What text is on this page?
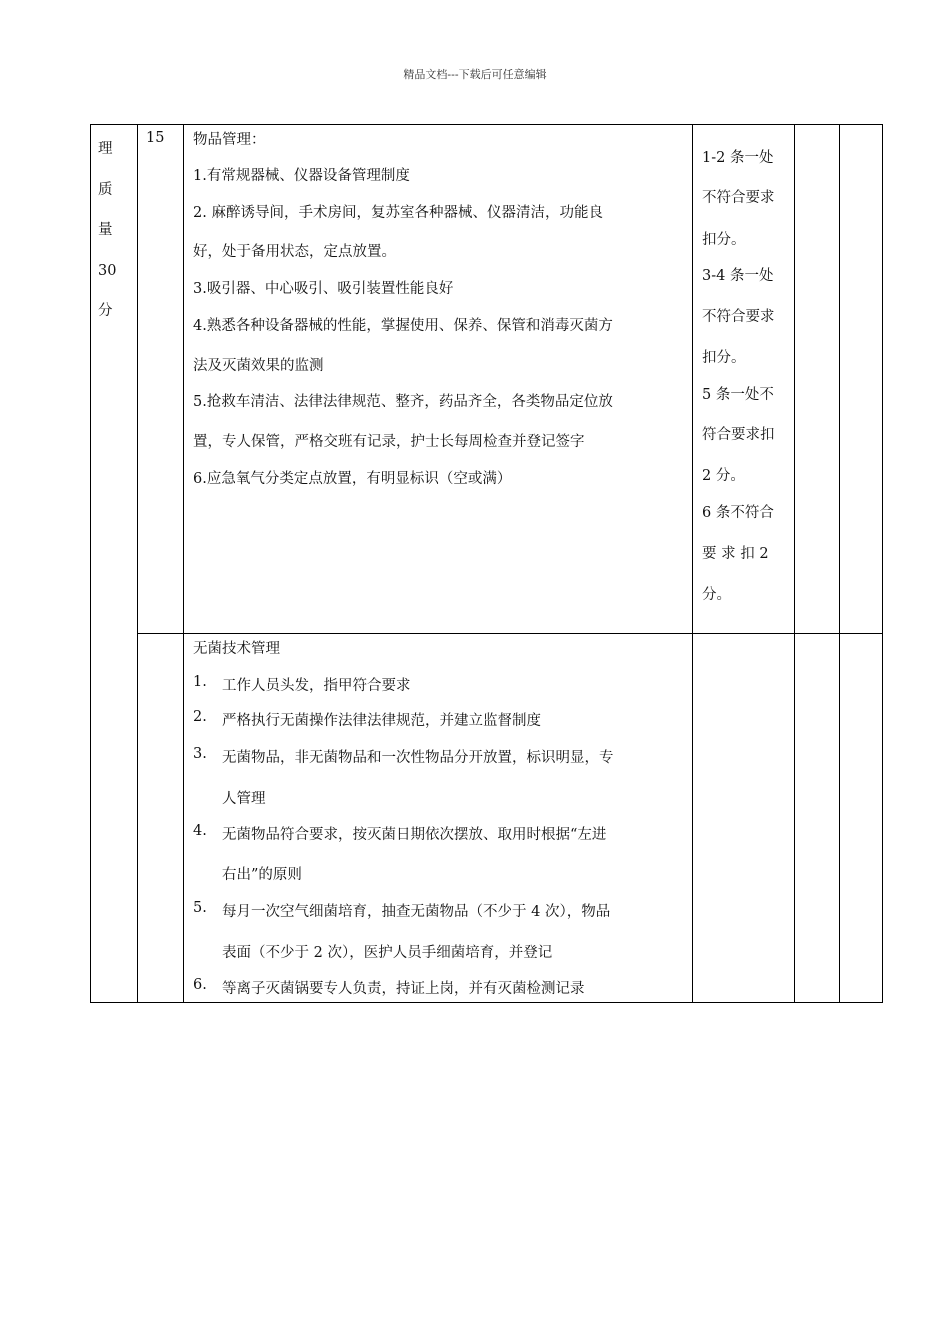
精品文档---下载后可任意编辑
理
质
量
30
分
15 物品管理：
1.有常规器械、仪器设备管理制度
2. 麻醉诱导间，手术房间，复苏室各种器械、仪器清洁，功能良
好，处于备用状态，定点放置。
3.吸引器、中心吸引、吸引装置性能良好
4.熟悉各种设备器械的性能，掌握使用、保养、保管和消毒灭菌方
法及灭菌效果的监测
5.抢救车清洁、法律法律规范、整齐，药品齐全，各类物品定位放
置，专人保管，严格交班有记录，护士长每周检查并登记签字
6.应急氧气分类定点放置，有明显标识（空或满）
1-2 条一处
不符合要求
扣分。
3-4 条一处
不符合要求
扣分。
5 条一处不
符合要求扣
2 分。
6 条不符合
要 求 扣 2
分。
无菌技术管理
1. 工作人员头发，指甲符合要求
2. 严格执行无菌操作法律法律规范，并建立监督制度
3. 无菌物品，非无菌物品和一次性物品分开放置，标识明显，专
人管理
4. 无菌物品符合要求，按灭菌日期依次摆放、取用时根据“左进
右出”的原则
5. 每月一次空气细菌培育，抽查无菌物品（不少于 4 次），物品
表面（不少于 2 次），医护人员手细菌培育，并登记
6. 等离子灭菌锅要专人负责，持证上岗，并有灭菌检测记录
